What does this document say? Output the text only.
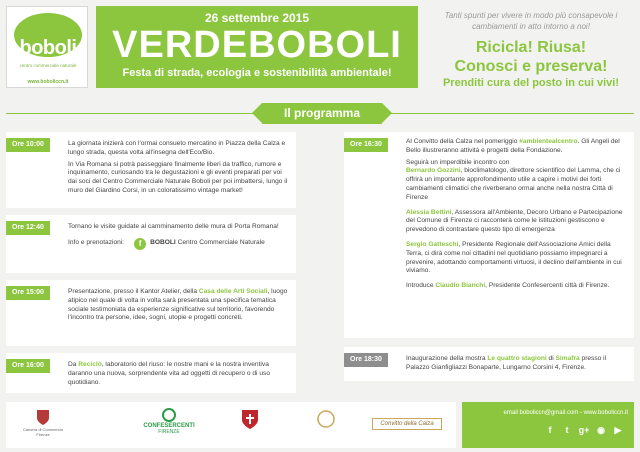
boboli
centro commerciale naturale
www.boboliccn.it
26 settembre 2015
VERDEBOBOLI
Festa di strada, ecologia e sostenibilità ambientale!
Tanti spunti per vivere in modo più consapevole i cambiamenti in atto intorno a noi!
Ricicla! Riusa!
Conosci e preserva!
Prenditi cura del posto in cui vivi!
Il programma
Ore 10:00	La giornata inizierà con l'ormai consueto mercatino in Piazza della Calza e lungo strada, questa volta all'insegna dell'Eco/Bio.

In Via Romana si potrà passeggiare finalmente liberi da traffico, rumore e inquinamento, curiosando tra le degustazioni e gli eventi preparati per voi dai soci del Centro Commerciale Naturale Boboli per poi imbattersi, lungo il muro del Giardino Corsi, in un coloratissimo vintage market!

Ore 12:40	Tornano le visite guidate al camminamento delle mura di Porta Romana!

Info e prenotazioni:	f	BOBOLI Centro Commerciale Naturale
Ore 15:00	Presentazione, presso il Kantor Atelier, della Casa delle Arti Sociali, luogo atipico nel quale di volta in volta sarà presentata una specifica tematica sociale testimoniata da esperienze significative sul territorio, favorendo l'incontro tra persone, idee, sogni, utopie e progetti concreti.

Ore 16:00	Da Reciclò, laboratorio del riuso: le nostre mani e la nostra inventiva daranno una nuova, sorprendente vita ad oggetti di recupero o di uso quotidiano.

Ore 16:30	Al Convitto della Calza nel pomeriggio #ambientealcentro. Gli Angeli del Bello illustreranno attività e progetti della Fondazione.

Seguirà un imperdibile incontro con
Bernardo Gozzini, bioclimatologo, direttore scientifico del Lamma, che ci offrirà un importante approfondimento utile a capire i motivi dei forti cambiamenti climatici che riverberano ormai anche nella nostra Città di Firenze

Alessia Bettini, Assessora all'Ambiente, Decoro Urbano e Partecipazione del Comune di Firenze ci racconterà come le istituzioni gestiscono e prevedono di contrastare questo tipo di emergenza

Sergio Gatteschi, Presidente Regionale dell'Associazione Amici della Terra, ci dirà come noi cittadini nel quotidiano possiamo impegnarci a prevenire, adottando comportamenti virtuosi, il declino dell'ambiente in cui viviamo.

Introduce Claudio Bianchi, Presidente Confesercenti città di Firenze.

Ore 18:30	Inaugurazione della mostra Le quattro stagioni di Simafra presso il Palazzo Gianfigliazzi Bonaparte, Lungarno Corsini 4, Firenze.

Camera di Commercio Firenze
CONFESERCENTI
FIRENZE
Convitto della Calza
email boboliccn@gmail.com - www.boboliccn.it
f	t	g+ ◉ ▶
